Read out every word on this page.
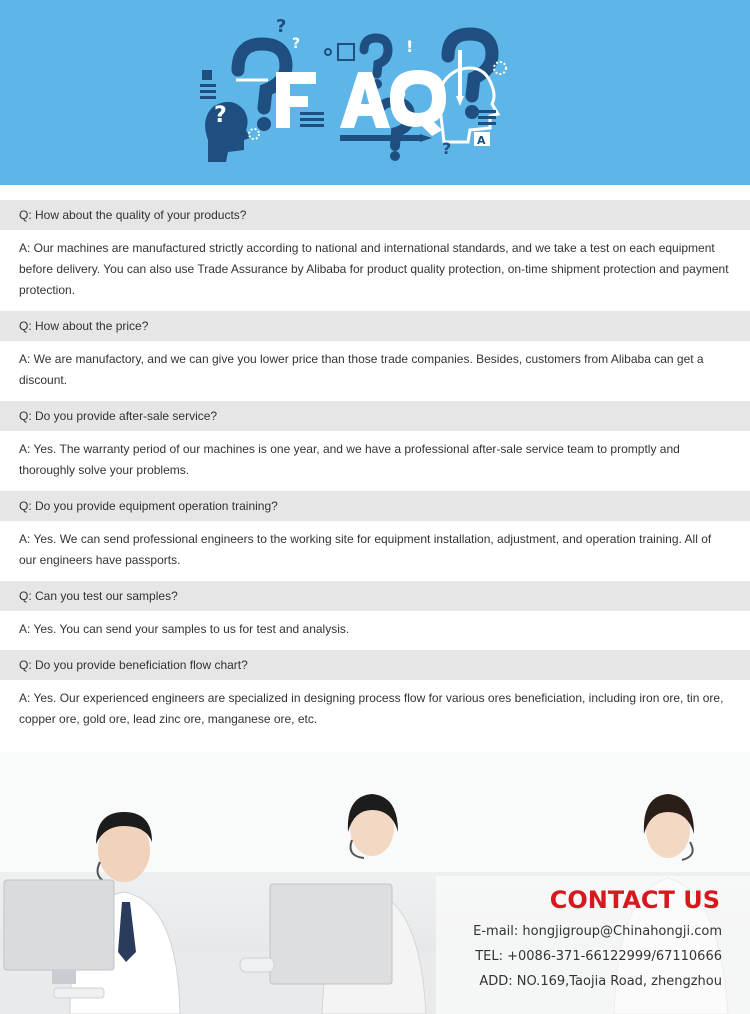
?
?
?
?
?
!
A
Q: How about the quality of your products?
A: Our machines are manufactured strictly according to national and international standards, and we take a test on each equipment before delivery. You can also use Trade Assurance by Alibaba for product quality protection, on-time shipment protection and payment protection.
Q: How about the price?
A: We are manufactory, and we can give you lower price than those trade companies. Besides, customers from Alibaba can get a discount.
Q: Do you provide after-sale service?
A: Yes. The warranty period of our machines is one year, and we have a professional after-sale service team to promptly and thoroughly solve your problems.
Q: Do you provide equipment operation training?
A: Yes. We can send professional engineers to the working site for equipment installation, adjustment, and operation training. All of our engineers have passports.
Q: Can you test our samples?
A: Yes. You can send your samples to us for test and analysis.
Q: Do you provide beneficiation flow chart?
A: Yes. Our experienced engineers are specialized in designing process flow for various ores beneficiation, including iron ore, tin ore, copper ore, gold ore, lead zinc ore, manganese ore, etc.
CONTACT US
E-mail: hongjigroup@Chinahongji.com
TEL: +0086-371-66122999/67110666
ADD: NO.169,Taojia Road, zhengzhou
